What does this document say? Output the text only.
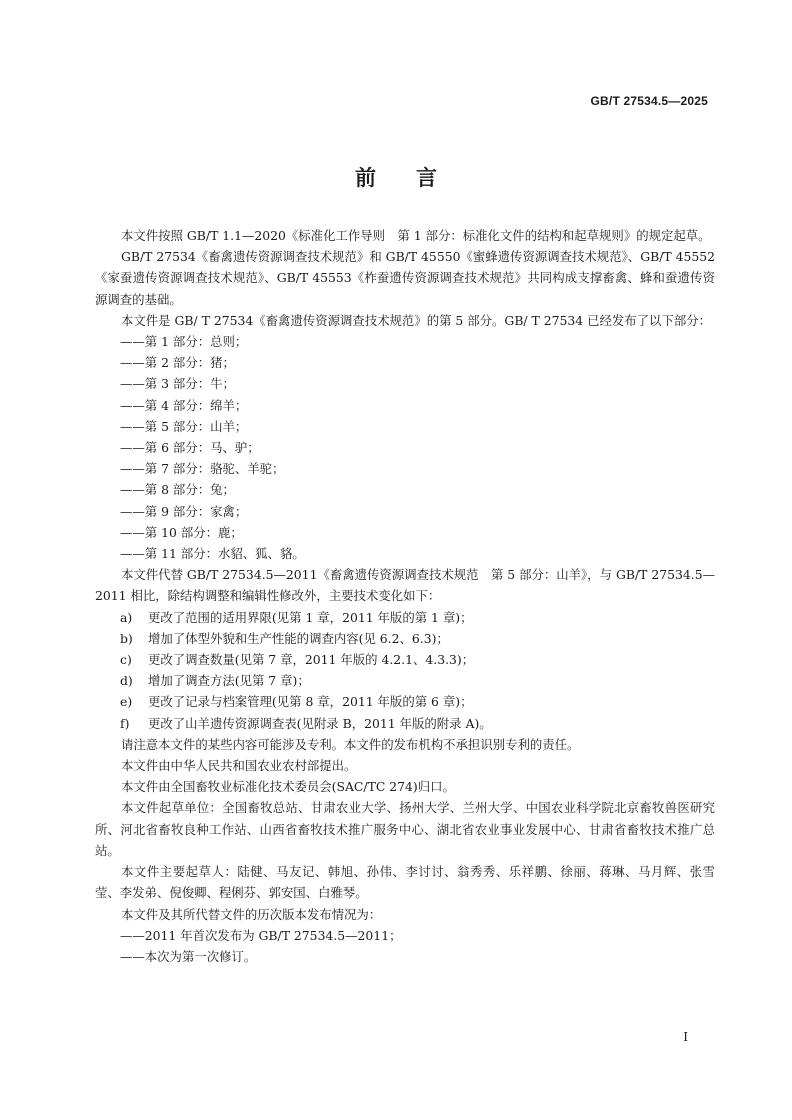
GB/T 27534.5—2025
前 言

本文件按照 GB/T 1.1—2020《标准化工作导则　第 1 部分：标准化文件的结构和起草规则》的规定起草。

GB/T 27534《畜禽遗传资源调查技术规范》和 GB/T 45550《蜜蜂遗传资源调查技术规范》、GB/T 45552《家蚕遗传资源调查技术规范》、GB/T 45553《柞蚕遗传资源调查技术规范》共同构成支撑畜禽、蜂和蚕遗传资源调查的基础。

本文件是 GB/ T 27534《畜禽遗传资源调查技术规范》的第 5 部分。GB/ T 27534 已经发布了以下部分：

——第 1 部分：总则；

——第 2 部分：猪；

——第 3 部分：牛；

——第 4 部分：绵羊；

——第 5 部分：山羊；

——第 6 部分：马、驴；

——第 7 部分：骆驼、羊驼；

——第 8 部分：兔；

——第 9 部分：家禽；

——第 10 部分：鹿；

——第 11 部分：水貂、狐、貉。

本文件代替 GB/T 27534.5—2011《畜禽遗传资源调查技术规范　第 5 部分：山羊》，与 GB/T 27534.5—2011 相比，除结构调整和编辑性修改外，主要技术变化如下：

a) 更改了范围的适用界限(见第 1 章，2011 年版的第 1 章)；

b) 增加了体型外貌和生产性能的调查内容(见 6.2、6.3)；

c) 更改了调查数量(见第 7 章，2011 年版的 4.2.1、4.3.3)；

d) 增加了调查方法(见第 7 章)；

e) 更改了记录与档案管理(见第 8 章，2011 年版的第 6 章)；

f) 更改了山羊遗传资源调查表(见附录 B，2011 年版的附录 A)。

请注意本文件的某些内容可能涉及专利。本文件的发布机构不承担识别专利的责任。

本文件由中华人民共和国农业农村部提出。

本文件由全国畜牧业标准化技术委员会(SAC/TC 274)归口。

本文件起草单位：全国畜牧总站、甘肃农业大学、扬州大学、兰州大学、中国农业科学院北京畜牧兽医研究所、河北省畜牧良种工作站、山西省畜牧技术推广服务中心、湖北省农业事业发展中心、甘肃省畜牧技术推广总站。

本文件主要起草人：陆健、马友记、韩旭、孙伟、李讨讨、翁秀秀、乐祥鹏、徐丽、蒋琳、马月辉、张雪莹、李发弟、倪俊卿、程俐芬、郭安国、白雅琴。

本文件及其所代替文件的历次版本发布情况为：

——2011 年首次发布为 GB/T 27534.5—2011；

——本次为第一次修订。

I
